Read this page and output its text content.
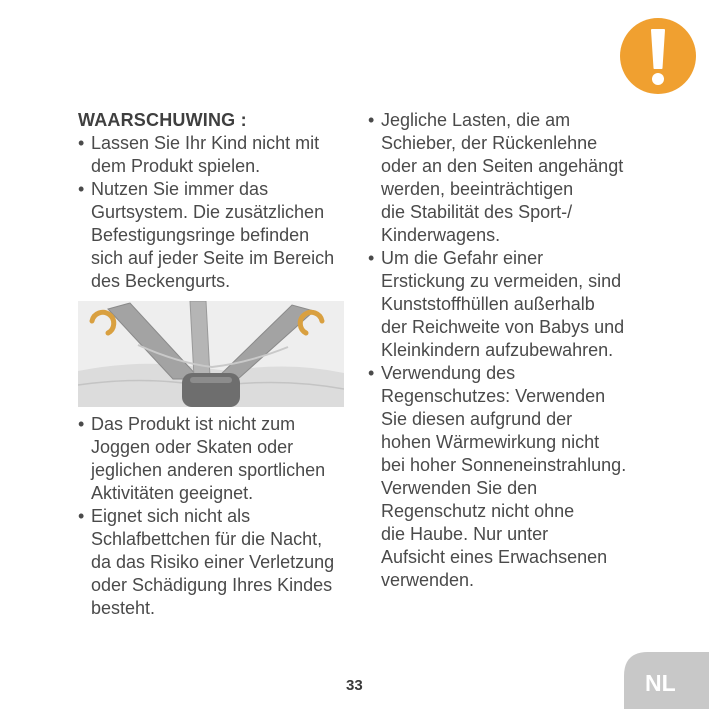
WAARSCHUWING :
• Lassen Sie Ihr Kind nicht mit
dem Produkt spielen.
• Nutzen Sie immer das
Gurtsystem. Die zusätzlichen
Befestigungsringe befinden
sich auf jeder Seite im Bereich
des Beckengurts.
• Das Produkt ist nicht zum
Joggen oder Skaten oder
jeglichen anderen sportlichen
Aktivitäten geeignet.
• Eignet sich nicht als
Schlafbettchen für die Nacht,
da das Risiko einer Verletzung
oder Schädigung Ihres Kindes
besteht.
• Jegliche Lasten, die am
Schieber, der Rückenlehne
oder an den Seiten angehängt
werden, beeinträchtigen
die Stabilität des Sport-/
Kinderwagens.
• Um die Gefahr einer
Erstickung zu vermeiden, sind
Kunststoffhüllen außerhalb
der Reichweite von Babys und
Kleinkindern aufzubewahren.
• Verwendung des
Regenschutzes: Verwenden
Sie diesen aufgrund der
hohen Wärmewirkung nicht
bei hoher Sonneneinstrahlung.
Verwenden Sie den
Regenschutz nicht ohne
die Haube. Nur unter
Aufsicht eines Erwachsenen
verwenden.
33	NL
